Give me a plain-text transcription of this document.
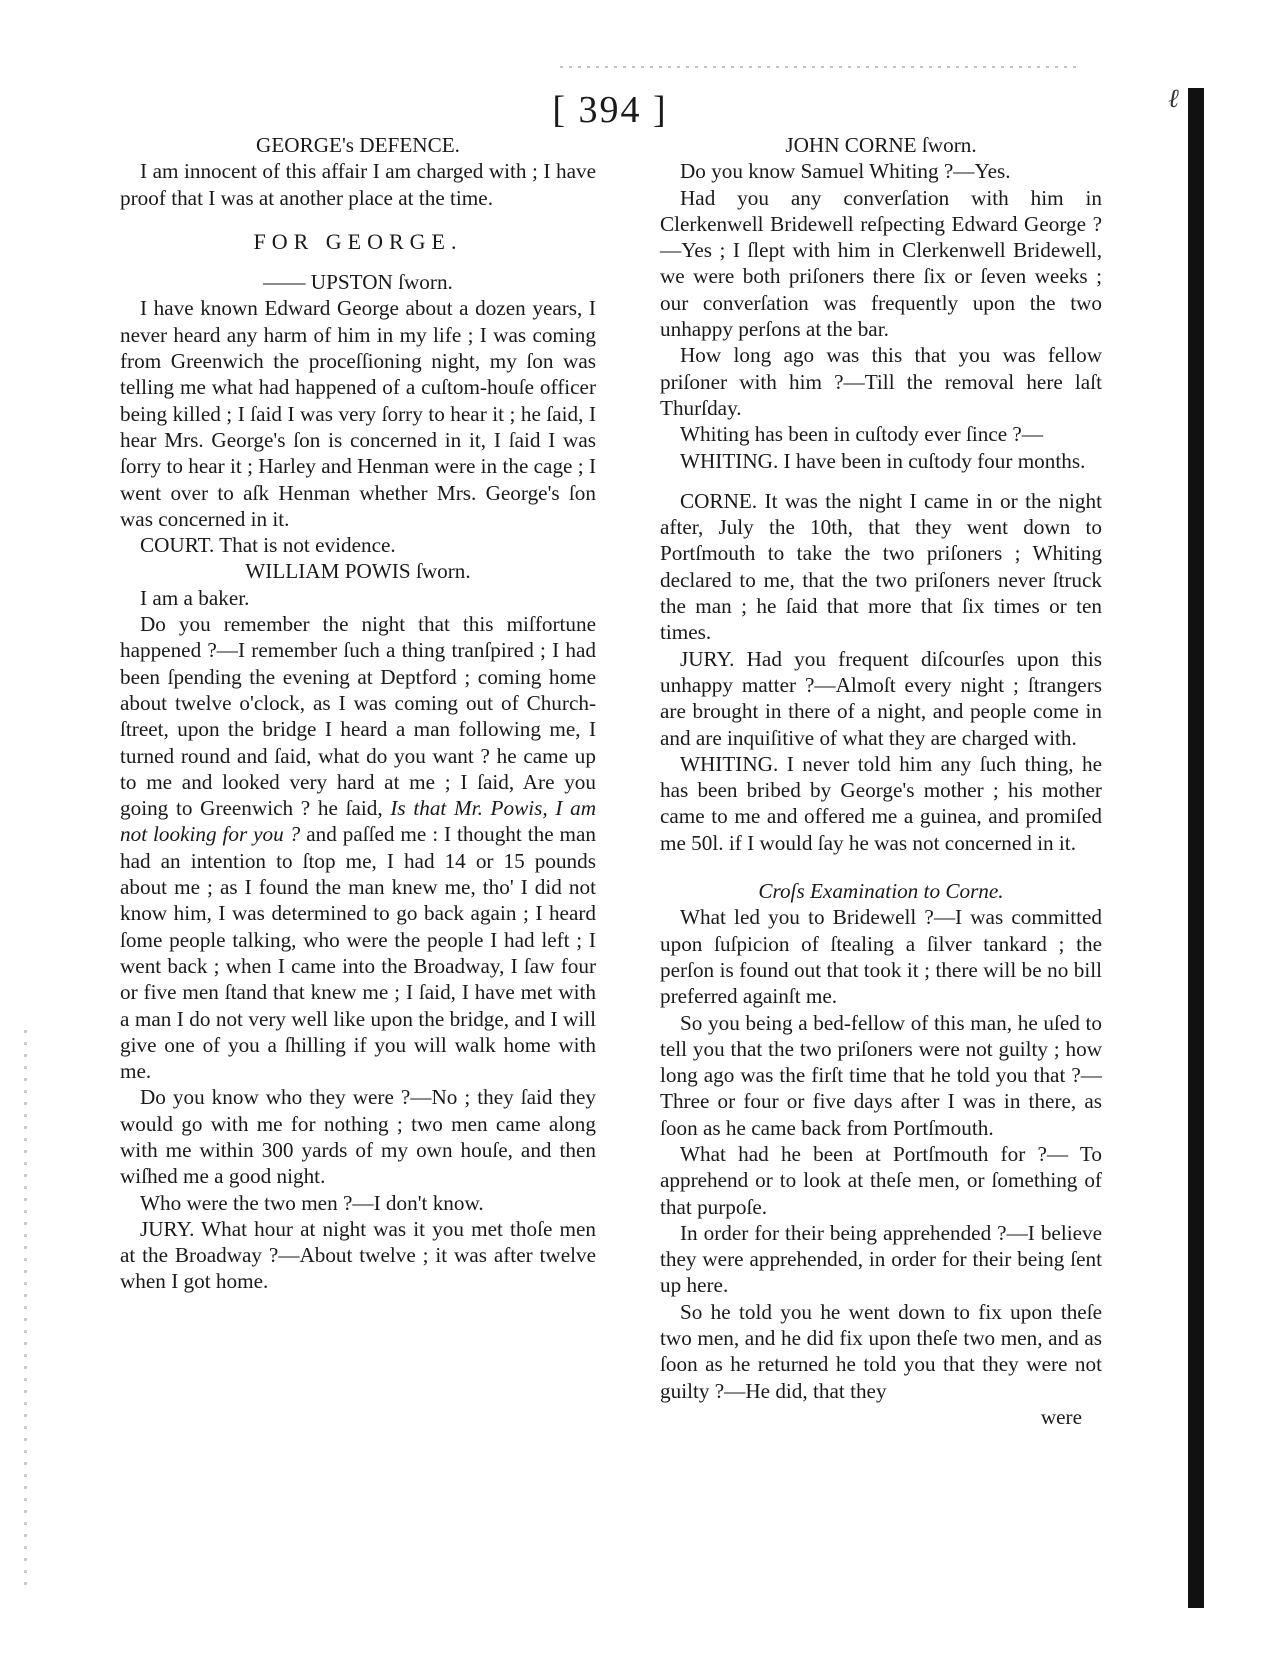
ℓ
[ 394 ]

GEORGE's DEFENCE.

I am innocent of this affair I am charged with ; I have proof that I was at another place at the time.

FOR GEORGE.

—— UPSTON ſworn.

I have known Edward George about a dozen years, I never heard any harm of him in my life ; I was coming from Greenwich the proceſſioning night, my ſon was telling me what had happened of a cuſtom-houſe officer being killed ; I ſaid I was very ſorry to hear it ; he ſaid, I hear Mrs. George's ſon is concerned in it, I ſaid I was ſorry to hear it ; Harley and Henman were in the cage ; I went over to aſk Henman whether Mrs. George's ſon was concerned in it.

COURT. That is not evidence.

WILLIAM POWIS ſworn.

I am a baker.

Do you remember the night that this miſfortune happened ?—I remember ſuch a thing tranſpired ; I had been ſpending the evening at Deptford ; coming home about twelve o'clock, as I was coming out of Church-ſtreet, upon the bridge I heard a man following me, I turned round and ſaid, what do you want ? he came up to me and looked very hard at me ; I ſaid, Are you going to Greenwich ? he ſaid, Is that Mr. Powis, I am not looking for you ? and paſſed me : I thought the man had an intention to ſtop me, I had 14 or 15 pounds about me ; as I found the man knew me, tho' I did not know him, I was determined to go back again ; I heard ſome people talking, who were the people I had left ; I went back ; when I came into the Broadway, I ſaw four or five men ſtand that knew me ; I ſaid, I have met with a man I do not very well like upon the bridge, and I will give one of you a ſhilling if you will walk home with me.

Do you know who they were ?—No ; they ſaid they would go with me for nothing ; two men came along with me within 300 yards of my own houſe, and then wiſhed me a good night.

Who were the two men ?—I don't know.

JURY. What hour at night was it you met thoſe men at the Broadway ?—About twelve ; it was after twelve when I got home.

JOHN CORNE ſworn.

Do you know Samuel Whiting ?—Yes.

Had you any converſation with him in Clerkenwell Bridewell reſpecting Edward George ? —Yes ; I ſlept with him in Clerkenwell Bridewell, we were both priſoners there ſix or ſeven weeks ; our converſation was frequently upon the two unhappy perſons at the bar.

How long ago was this that you was fellow priſoner with him ?—Till the removal here laſt Thurſday.

Whiting has been in cuſtody ever ſince ?—

WHITING. I have been in cuſtody four months.

CORNE. It was the night I came in or the night after, July the 10th, that they went down to Portſmouth to take the two priſoners ; Whiting declared to me, that the two priſoners never ſtruck the man ; he ſaid that more that ſix times or ten times.

JURY. Had you frequent diſcourſes upon this unhappy matter ?—Almoſt every night ; ſtrangers are brought in there of a night, and people come in and are inquiſitive of what they are charged with.

WHITING. I never told him any ſuch thing, he has been bribed by George's mother ; his mother came to me and offered me a guinea, and promiſed me 50l. if I would ſay he was not concerned in it.

Croſs Examination to Corne.

What led you to Bridewell ?—I was committed upon ſuſpicion of ſtealing a ſilver tankard ; the perſon is found out that took it ; there will be no bill preferred againſt me.

So you being a bed-fellow of this man, he uſed to tell you that the two priſoners were not guilty ; how long ago was the firſt time that he told you that ?—Three or four or five days after I was in there, as ſoon as he came back from Portſmouth.

What had he been at Portſmouth for ?— To apprehend or to look at theſe men, or ſomething of that purpoſe.

In order for their being apprehended ?—I believe they were apprehended, in order for their being ſent up here.

So he told you he went down to fix upon theſe two men, and he did fix upon theſe two men, and as ſoon as he returned he told you that they were not guilty ?—He did, that they

were
